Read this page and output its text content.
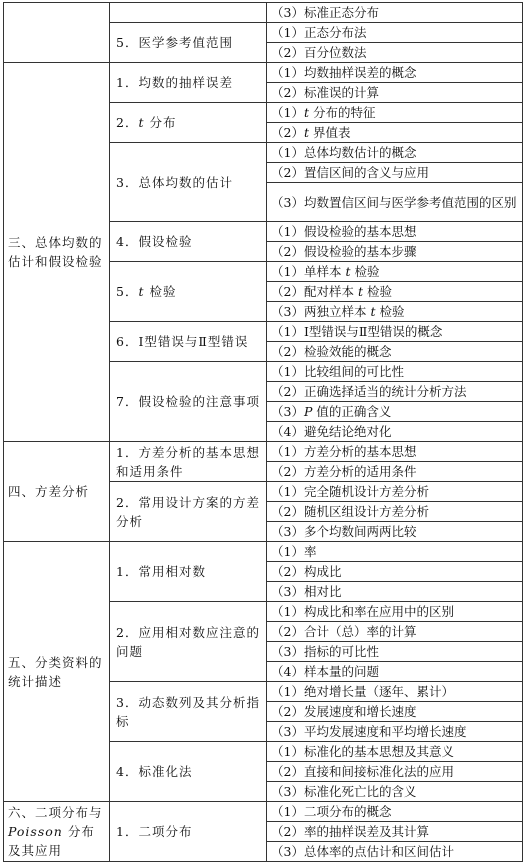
		（3）标准正态分布
	5．医学参考值范围	（1）正态分布法
		（2）百分位数法
三、总体均数的估计和假设检验	1．均数的抽样误差	（1）均数抽样误差的概念
		（2）标准误的计算
	2．t 分布	（1）t 分布的特征
		（2）t 界值表
	3．总体均数的估计	（1）总体均数估计的概念
		（2）置信区间的含义与应用
		（3）均数置信区间与医学参考值范围的区别
	4．假设检验	（1）假设检验的基本思想
		（2）假设检验的基本步骤
	5．t 检验	（1）单样本 t 检验
		（2）配对样本 t 检验
		（3）两独立样本 t 检验
	6．Ⅰ型错误与Ⅱ型错误	（1）Ⅰ型错误与Ⅱ型错误的概念
		（2）检验效能的概念
	7．假设检验的注意事项	（1）比较组间的可比性
		（2）正确选择适当的统计分析方法
		（3）P 值的正确含义
		（4）避免结论绝对化
四、方差分析	1．方差分析的基本思想和适用条件	（1）方差分析的基本思想
		（2）方差分析的适用条件
	2．常用设计方案的方差分析	（1）完全随机设计方差分析
		（2）随机区组设计方差分析
		（3）多个均数间两两比较
五、分类资料的统计描述	1．常用相对数	（1）率
		（2）构成比
		（3）相对比
	2．应用相对数应注意的问题	（1）构成比和率在应用中的区别
		（2）合计（总）率的计算
		（3）指标的可比性
		（4）样本量的问题
	3．动态数列及其分析指标	（1）绝对增长量（逐年、累计）
		（2）发展速度和增长速度
		（3）平均发展速度和平均增长速度
	4．标准化法	（1）标准化的基本思想及其意义
		（2）直接和间接标准化法的应用
		（3）标准化死亡比的含义
六、二项分布与Poisson 分布及其应用	1．二项分布	（1）二项分布的概念
		（2）率的抽样误差及其计算
		（3）总体率的点估计和区间估计
